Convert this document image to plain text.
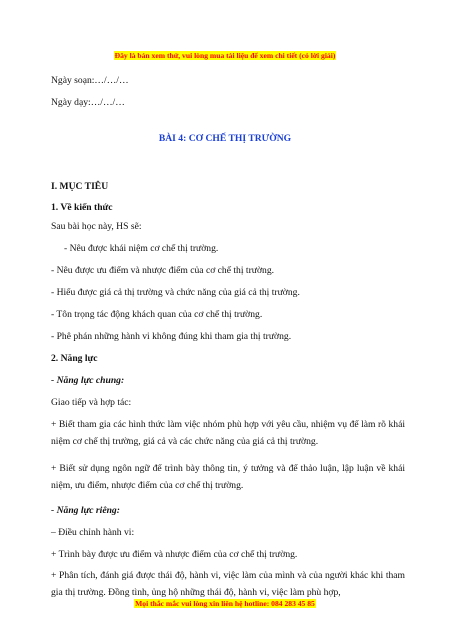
Đây là bản xem thử, vui lòng mua tài liệu để xem chi tiết (có lời giải)
Ngày soạn:…/…/…
Ngày dạy:…/…/…
BÀI 4: CƠ CHẾ THỊ TRƯỜNG
I. MỤC TIÊU
1. Về kiến thức
Sau bài học này, HS sẽ:
- Nêu được khái niệm cơ chế thị trường.
- Nêu được ưu điểm và nhược điểm của cơ chế thị trường.
- Hiểu được giá cả thị trường và chức năng của giá cả thị trường.
- Tôn trọng tác động khách quan của cơ chế thị trường.
- Phê phán những hành vi không đúng khi tham gia thị trường.
2. Năng lực
- Năng lực chung:
Giao tiếp và hợp tác:
+ Biết tham gia các hình thức làm việc nhóm phù hợp với yêu cầu, nhiệm vụ để làm rõ khái niệm cơ chế thị trường, giá cả và các chức năng của giá cả thị trường.
+ Biết sử dụng ngôn ngữ để trình bày thông tin, ý tưởng và để thảo luận, lập luận về khái niệm, ưu điểm, nhược điểm của cơ chế thị trường.
- Năng lực riêng:
– Điều chỉnh hành vi:
+ Trình bày được ưu điểm và nhược điểm của cơ chế thị trường.
+ Phân tích, đánh giá được thái độ, hành vi, việc làm của mình và của người khác khi tham gia thị trường. Đồng tình, ủng hộ những thái độ, hành vi, việc làm phù hợp,
Mọi thắc mắc vui lòng xin liên hệ hotline: 084 283 45 85
